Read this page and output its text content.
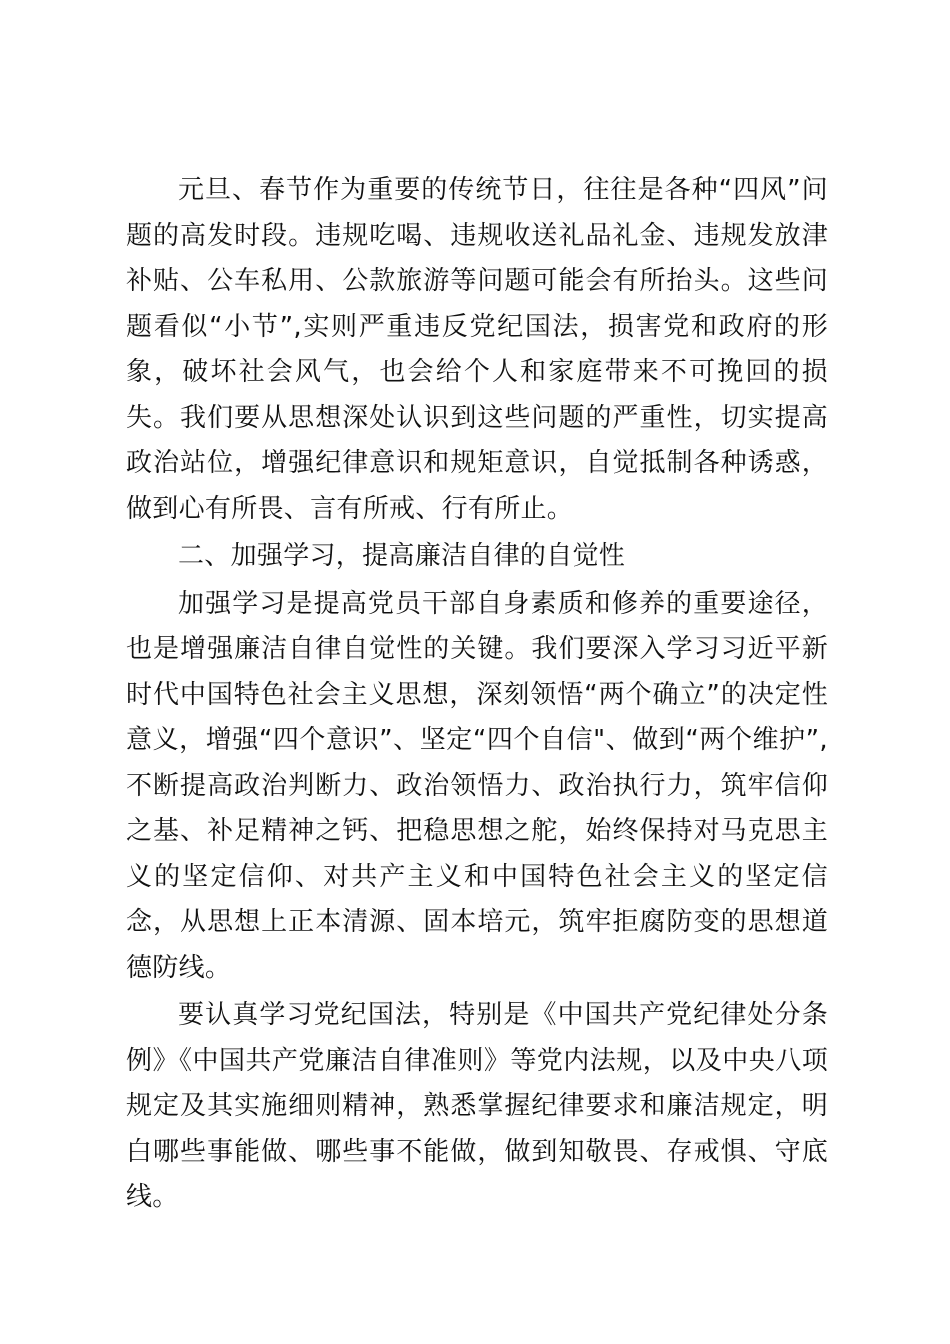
元旦、春节作为重要的传统节日，往往是各种“四风”问题的高发时段。违规吃喝、违规收送礼品礼金、违规发放津补贴、公车私用、公款旅游等问题可能会有所抬头。这些问题看似“小节”,实则严重违反党纪国法，损害党和政府的形象，破坏社会风气，也会给个人和家庭带来不可挽回的损失。我们要从思想深处认识到这些问题的严重性，切实提高政治站位，增强纪律意识和规矩意识，自觉抵制各种诱惑，做到心有所畏、言有所戒、行有所止。

二、加强学习，提高廉洁自律的自觉性

加强学习是提高党员干部自身素质和修养的重要途径，也是增强廉洁自律自觉性的关键。我们要深入学习习近平新时代中国特色社会主义思想，深刻领悟“两个确立”的决定性意义，增强“四个意识”、坚定“四个自信"、做到“两个维护”,不断提高政治判断力、政治领悟力、政治执行力，筑牢信仰之基、补足精神之钙、把稳思想之舵，始终保持对马克思主义的坚定信仰、对共产主义和中国特色社会主义的坚定信念，从思想上正本清源、固本培元，筑牢拒腐防变的思想道德防线。

要认真学习党纪国法，特别是《中国共产党纪律处分条例》《中国共产党廉洁自律准则》等党内法规，以及中央八项规定及其实施细则精神，熟悉掌握纪律要求和廉洁规定，明白哪些事能做、哪些事不能做，做到知敬畏、存戒惧、守底线。
